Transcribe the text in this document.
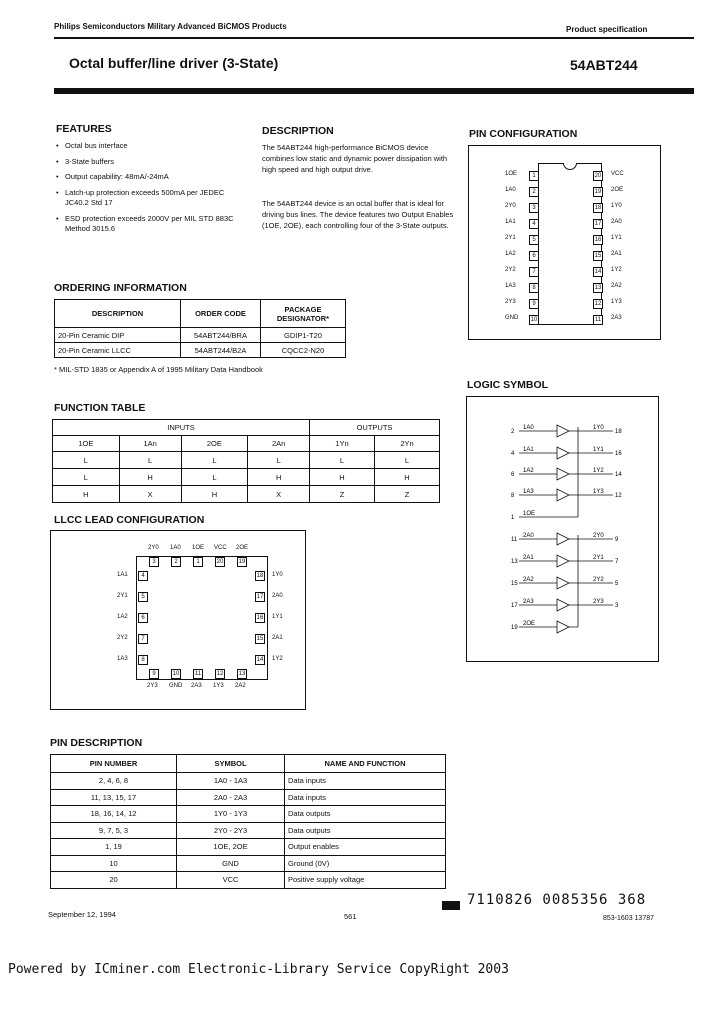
Philips Semiconductors Military Advanced BiCMOS Products	Product specification
Octal buffer/line driver (3-State)	54ABT244
FEATURES
• Octal bus interface
• 3-State buffers
• Output capability: 48mA/-24mA
• Latch-up protection exceeds 500mA per JEDEC JC40.2 Std 17
• ESD protection exceeds 2000V per MIL STD 883C Method 3015.6
DESCRIPTION
The 54ABT244 high-performance BiCMOS device combines low static and dynamic power dissipation with high speed and high output drive.
The 54ABT244 device is an octal buffer that is ideal for driving bus lines. The device features two Output Enables (1OE, 2OE), each controlling four of the 3-State outputs.
PIN CONFIGURATION
1OE	1
1A0	2
2Y0	3
1A1	4
2Y1	5
1A2	6
2Y2	7
1A3	8
2Y3	9
GND 10
20 VCC
19 2OE
18 1Y0
17 2A0
16 1Y1
15 2A1
14 1Y2
13 2A2
12 1Y3
11	2A3
ORDERING INFORMATION
DESCRIPTION	ORDER CODE	PACKAGE DESIGNATOR*
20-Pin Ceramic DIP	54ABT244/BRA	GDIP1-T20
20-Pin Ceramic LLCC	54ABT244/B2A	CQCC2-N20
* MIL-STD 1835 or Appendix A of 1995 Military Data Handbook
FUNCTION TABLE
INPUTS				OUTPUTS	
1OE	1An	2OE	2An	1Yn	2Yn
L	L	L	L	L	L
L	H	L	H	H	H
H	X	H	X	Z	Z
LLCC LEAD CONFIGURATION
2Y0
3
1A0
2
1OE
1
VCC
20
2OE
19
9
2Y3
10
GND
11
2A3
12
1Y3
13
2A2
1A1	4
2Y1	5
1A2	6
2Y2	7
1A3	8
18 1Y0
17 2A0
16 1Y1
15 2A1
14 1Y2
LOGIC SYMBOL
2
1A0	1Y0
18
4
1A1	1Y1
16
6
1A2	1Y2
14
8
1A3	1Y3
12
1
1OE
11
2A0	2Y0
9
13
2A1	2Y1
7
15
2A2	2Y2
5
17
2A3	2Y3
3
19
2OE
PIN DESCRIPTION
PIN NUMBER	SYMBOL	NAME AND FUNCTION
2, 4, 6, 8	1A0 - 1A3	Data inputs
11, 13, 15, 17	2A0 - 2A3	Data inputs
18, 16, 14, 12	1Y0 - 1Y3	Data outputs
9, 7, 5, 3	2Y0 - 2Y3	Data outputs
1, 19	1OE, 2OE	Output enables
10	GND	Ground (0V)
20	VCC	Positive supply voltage
September 12, 1994	561
7110826 0085356 368
853-1603 13787
Powered by ICminer.com Electronic-Library Service CopyRight 2003
